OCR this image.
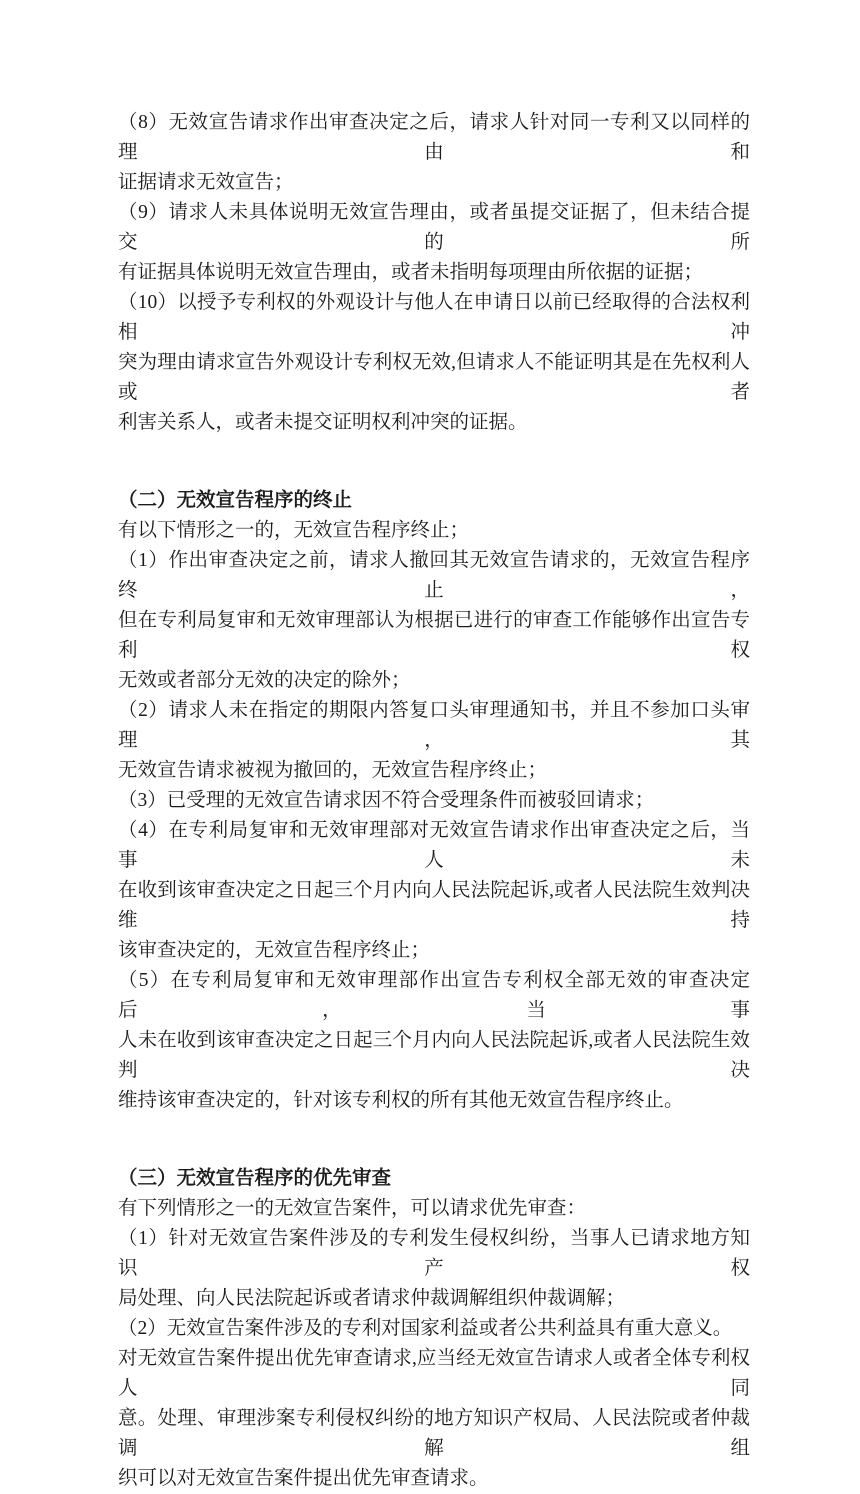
（8）无效宣告请求作出审查决定之后，请求人针对同一专利又以同样的理由和
证据请求无效宣告；
（9）请求人未具体说明无效宣告理由，或者虽提交证据了，但未结合提交的所
有证据具体说明无效宣告理由，或者未指明每项理由所依据的证据；
（10）以授予专利权的外观设计与他人在申请日以前已经取得的合法权利相冲
突为理由请求宣告外观设计专利权无效,但请求人不能证明其是在先权利人或者
利害关系人，或者未提交证明权利冲突的证据。
（二）无效宣告程序的终止
有以下情形之一的，无效宣告程序终止；
（1）作出审查决定之前，请求人撤回其无效宣告请求的，无效宣告程序终止，
但在专利局复审和无效审理部认为根据已进行的审查工作能够作出宣告专利权
无效或者部分无效的决定的除外；
（2）请求人未在指定的期限内答复口头审理通知书，并且不参加口头审理，其
无效宣告请求被视为撤回的，无效宣告程序终止；
（3）已受理的无效宣告请求因不符合受理条件而被驳回请求；
（4）在专利局复审和无效审理部对无效宣告请求作出审查决定之后，当事人未
在收到该审查决定之日起三个月内向人民法院起诉,或者人民法院生效判决维持
该审查决定的，无效宣告程序终止；
（5）在专利局复审和无效审理部作出宣告专利权全部无效的审查决定后，当事
人未在收到该审查决定之日起三个月内向人民法院起诉,或者人民法院生效判决
维持该审查决定的，针对该专利权的所有其他无效宣告程序终止。
（三）无效宣告程序的优先审查
有下列情形之一的无效宣告案件，可以请求优先审查：
（1）针对无效宣告案件涉及的专利发生侵权纠纷，当事人已请求地方知识产权
局处理、向人民法院起诉或者请求仲裁调解组织仲裁调解；
（2）无效宣告案件涉及的专利对国家利益或者公共利益具有重大意义。
对无效宣告案件提出优先审查请求,应当经无效宣告请求人或者全体专利权人同
意。处理、审理涉案专利侵权纠纷的地方知识产权局、人民法院或者仲裁调解组
织可以对无效宣告案件提出优先审查请求。
